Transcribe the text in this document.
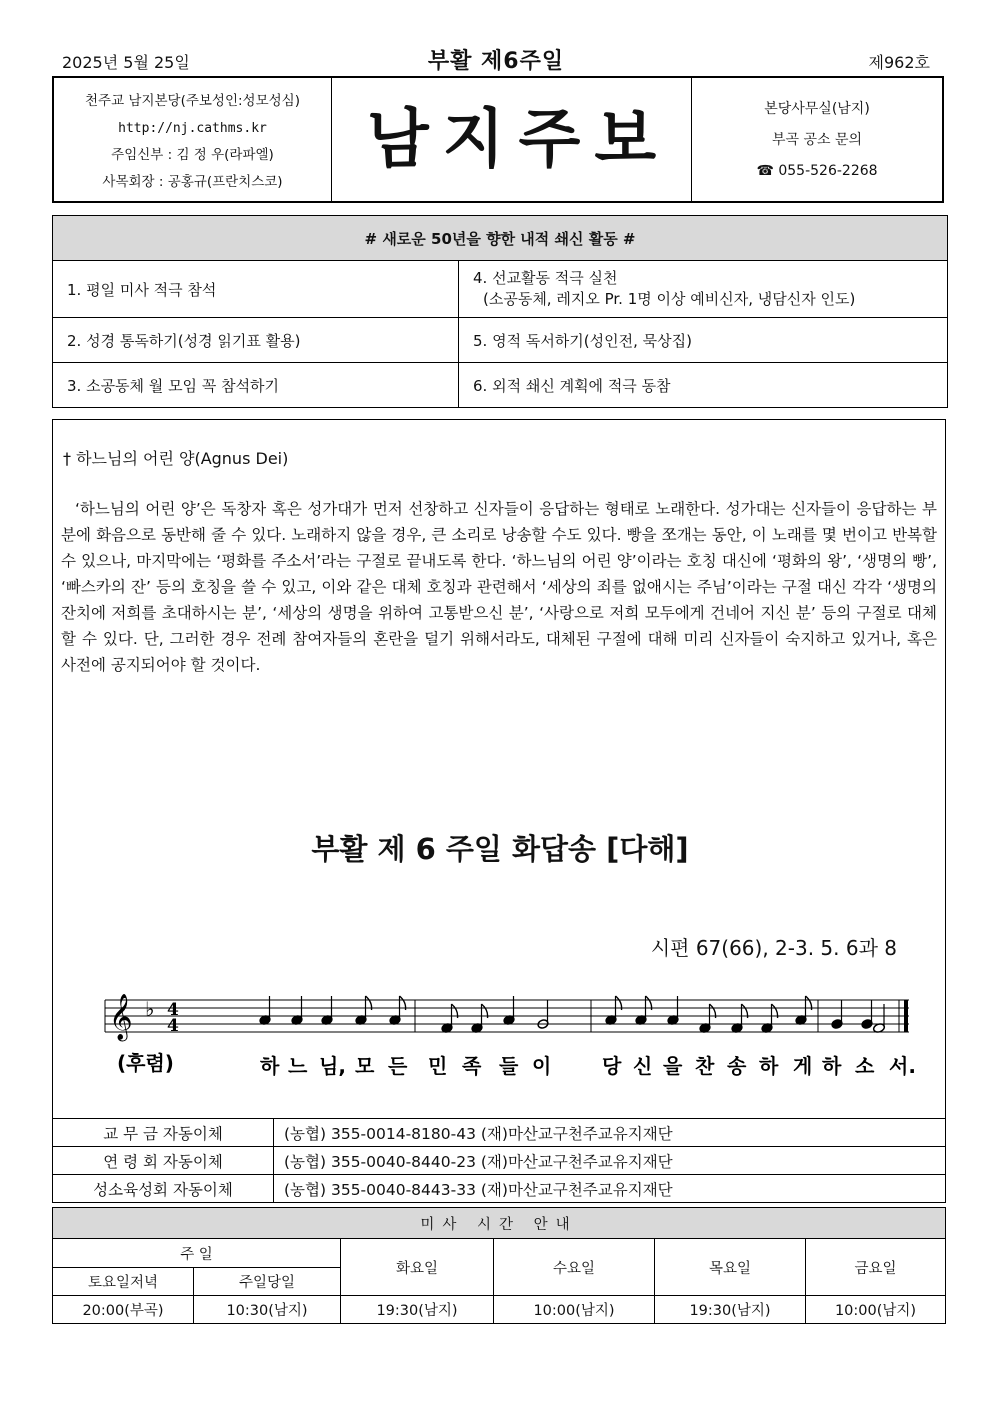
2025년 5월 25일	부활 제6주일	제962호
천주교 남지본당(주보성인:성모성심)
http://nj.cathms.kr
주임신부 : 김 정 우(라파엘)
사목회장 : 공홍규(프란치스코)
남지주보	본당사무실(남지)
부곡 공소 문의
☎ 055-526-2268
# 새로운 50년을 향한 내적 쇄신 활동 #	
1. 평일 미사 적극 참석	4. 선교활동 적극 실천
(소공동체, 레지오 Pr. 1명 이상 예비신자, 냉담신자 인도)

2. 성경 통독하기(성경 읽기표 활용)	5. 영적 독서하기(성인전, 묵상집)
3. 소공동체 월 모임 꼭 참석하기	6. 외적 쇄신 계획에 적극 동참
† 하느님의 어린 양(Agnus Dei)
‘하느님의 어린 양’은 독창자 혹은 성가대가 먼저 선창하고 신자들이 응답하는 형태로 노래한다. 성가대는 신자들이 응답하는 부분에 화음으로 동반해 줄 수 있다. 노래하지 않을 경우, 큰 소리로 낭송할 수도 있다. 빵을 쪼개는 동안, 이 노래를 몇 번이고 반복할 수 있으나, 마지막에는 ‘평화를 주소서’라는 구절로 끝내도록 한다. ‘하느님의 어린 양’이라는 호칭 대신에 ‘평화의 왕’, ‘생명의 빵’, ‘빠스카의 잔’ 등의 호칭을 쓸 수 있고, 이와 같은 대체 호칭과 관련해서 ‘세상의 죄를 없애시는 주님’이라는 구절 대신 각각 ‘생명의 잔치에 저희를 초대하시는 분’, ‘세상의 생명을 위하여 고통받으신 분’, ‘사랑으로 저희 모두에게 건네어 지신 분’ 등의 구절로 대체할 수 있다. 단, 그러한 경우 전례 참여자들의 혼란을 덜기 위해서라도, 대체된 구절에 대해 미리 신자들이 숙지하고 있거나, 혹은 사전에 공지되어야 할 것이다.
부활 제 6 주일 화답송 [다해]
시편 67(66), 2-3. 5. 6과 8
𝄞 ♭ 4
4
하 느 님, 모 든 민 족 들 이	당 신 을 찬 송 하 게 하 소 서.
(후렴)
교 무 금 자동이체	(농협) 355-0014-8180-43 (재)마산교구천주교유지재단
연 령 회 자동이체	(농협) 355-0040-8440-23 (재)마산교구천주교유지재단
성소육성회 자동이체	(농협) 355-0040-8443-33 (재)마산교구천주교유지재단
미사 시간 안내					
주 일		화요일	수요일	목요일	금요일
토요일저녁	주일당일				
20:00(부곡)	10:30(남지)	19:30(남지)	10:00(남지)	19:30(남지)	10:00(남지)
